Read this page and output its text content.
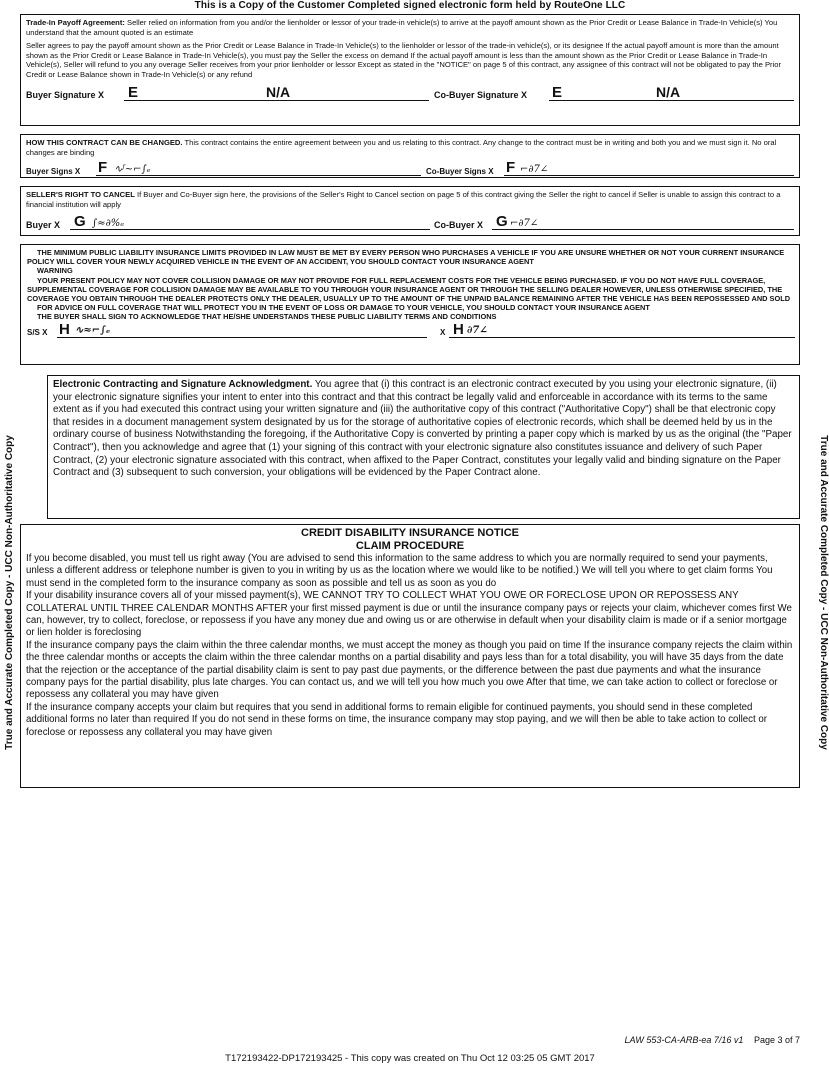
This is a Copy of the Customer Completed signed electronic form held by RouteOne LLC
True and Accurate Completed Copy - UCC Non-Authoritative Copy	True and Accurate Completed Copy - UCC Non-Authoritative Copy
Trade-In Payoff Agreement: Seller relied on information from you and/or the lienholder or lessor of your trade-in vehicle(s) to arrive at the payoff amount shown as the Prior Credit or Lease Balance in Trade-In Vehicle(s) You understand that the amount quoted is an estimate
Seller agrees to pay the payoff amount shown as the Prior Credit or Lease Balance in Trade-In Vehicle(s) to the lienholder or lessor of the trade-in vehicle(s), or its designee If the actual payoff amount is more than the amount shown as the Prior Credit or Lease Balance in Trade-In Vehicle(s), you must pay the Seller the excess on demand If the actual payoff amount is less than the amount shown as the Prior Credit or Lease Balance in Trade-In Vehicle(s), Seller will refund to you any overage Seller receives from your prior lienholder or lessor Except as stated in the "NOTICE" on page 5 of this contract, any assignee of this contract will not be obligated to pay the Prior Credit or Lease Balance shown in Trade-In Vehicle(s) or any refund
Buyer Signature X E	N/A	Co-Buyer Signature X E	N/A
HOW THIS CONTRACT CAN BE CHANGED. This contract contains the entire agreement between you and us relating to this contract. Any change to the contract must be in writing and both you and we must sign it. No oral changes are binding
Buyer Signs X F ∿ᶠ~⌐∫ₑ	Co-Buyer Signs X F ⌐∂7∠
SELLER'S RIGHT TO CANCEL If Buyer and Co-Buyer sign here, the provisions of the Seller's Right to Cancel section on page 5 of this contract giving the Seller the right to cancel if Seller is unable to assign this contract to a financial institution will apply
Buyer X G ∫≈∂%ₑ	Co-Buyer X G ⌐∂7∠

THE MINIMUM PUBLIC LIABILITY INSURANCE LIMITS PROVIDED IN LAW MUST BE MET BY EVERY PERSON WHO PURCHASES A VEHICLE IF YOU ARE UNSURE WHETHER OR NOT YOUR CURRENT INSURANCE POLICY WILL COVER YOUR NEWLY ACQUIRED VEHICLE IN THE EVENT OF AN ACCIDENT, YOU SHOULD CONTACT YOUR INSURANCE AGENT

WARNING

YOUR PRESENT POLICY MAY NOT COVER COLLISION DAMAGE OR MAY NOT PROVIDE FOR FULL REPLACEMENT COSTS FOR THE VEHICLE BEING PURCHASED. IF YOU DO NOT HAVE FULL COVERAGE, SUPPLEMENTAL COVERAGE FOR COLLISION DAMAGE MAY BE AVAILABLE TO YOU THROUGH YOUR INSURANCE AGENT OR THROUGH THE SELLING DEALER HOWEVER, UNLESS OTHERWISE SPECIFIED, THE COVERAGE YOU OBTAIN THROUGH THE DEALER PROTECTS ONLY THE DEALER, USUALLY UP TO THE AMOUNT OF THE UNPAID BALANCE REMAINING AFTER THE VEHICLE HAS BEEN REPOSSESSED AND SOLD

FOR ADVICE ON FULL COVERAGE THAT WILL PROTECT YOU IN THE EVENT OF LOSS OR DAMAGE TO YOUR VEHICLE, YOU SHOULD CONTACT YOUR INSURANCE AGENT

THE BUYER SHALL SIGN TO ACKNOWLEDGE THAT HE/SHE UNDERSTANDS THESE PUBLIC LIABILITY TERMS AND CONDITIONS

S/S X H ∿≈⌐∫ₑ	X H ∂7∠
Electronic Contracting and Signature Acknowledgment. You agree that (i) this contract is an electronic contract executed by you using your electronic signature, (ii) your electronic signature signifies your intent to enter into this contract and that this contract be legally valid and enforceable in accordance with its terms to the same extent as if you had executed this contract using your written signature and (iii) the authoritative copy of this contract ("Authoritative Copy") shall be that electronic copy that resides in a document management system designated by us for the storage of authoritative copies of electronic records, which shall be deemed held by us in the ordinary course of business Notwithstanding the foregoing, if the Authoritative Copy is converted by printing a paper copy which is marked by us as the original (the "Paper Contract"), then you acknowledge and agree that (1) your signing of this contract with your electronic signature also constitutes issuance and delivery of such Paper Contract, (2) your electronic signature associated with this contract, when affixed to the Paper Contract, constitutes your legally valid and binding signature on the Paper Contract and (3) subsequent to such conversion, your obligations will be evidenced by the Paper Contract alone.
CREDIT DISABILITY INSURANCE NOTICE
CLAIM PROCEDURE

If you become disabled, you must tell us right away (You are advised to send this information to the same address to which you are normally required to send your payments, unless a different address or telephone number is given to you in writing by us as the location where we would like to be notified.) We will tell you where to get claim forms You must send in the completed form to the insurance company as soon as possible and tell us as soon as you do

If your disability insurance covers all of your missed payment(s), WE CANNOT TRY TO COLLECT WHAT YOU OWE OR FORECLOSE UPON OR REPOSSESS ANY COLLATERAL UNTIL THREE CALENDAR MONTHS AFTER your first missed payment is due or until the insurance company pays or rejects your claim, whichever comes first We can, however, try to collect, foreclose, or repossess if you have any money due and owing us or are otherwise in default when your disability claim is made or if a senior mortgage or lien holder is foreclosing

If the insurance company pays the claim within the three calendar months, we must accept the money as though you paid on time If the insurance company rejects the claim within the three calendar months or accepts the claim within the three calendar months on a partial disability and pays less than for a total disability, you will have 35 days from the date that the rejection or the acceptance of the partial disability claim is sent to pay past due payments, or the difference between the past due payments and what the insurance company pays for the partial disability, plus late charges. You can contact us, and we will tell you how much you owe After that time, we can take action to collect or foreclose or repossess any collateral you may have given

If the insurance company accepts your claim but requires that you send in additional forms to remain eligible for continued payments, you should send in these completed additional forms no later than required If you do not send in these forms on time, the insurance company may stop paying, and we will then be able to take action to collect or foreclose or repossess any collateral you may have given

LAW 553-CA-ARB-ea 7/16 v1 Page 3 of 7
T172193422-DP172193425 - This copy was created on Thu Oct 12 03:25 05 GMT 2017
